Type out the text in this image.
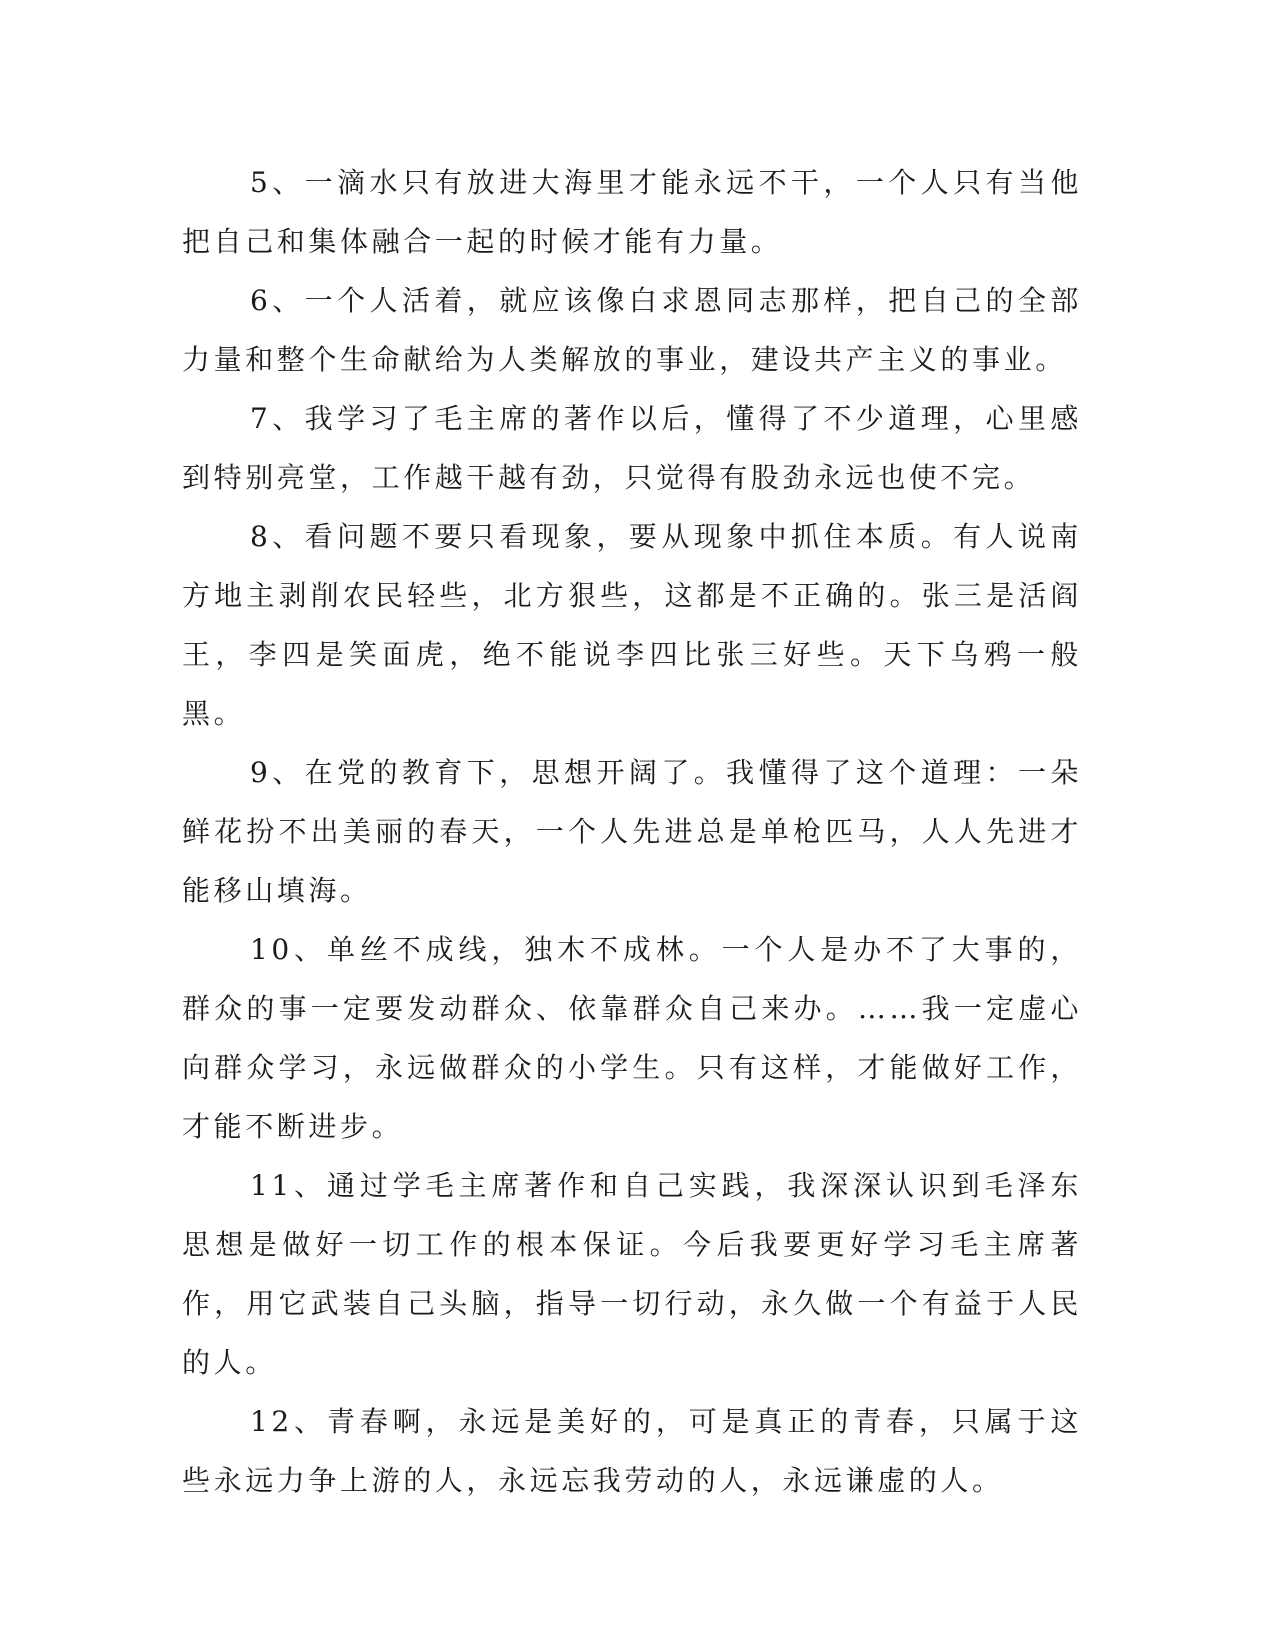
5、一滴水只有放进大海里才能永远不干，一个人只有当他把自己和集体融合一起的时候才能有力量。

6、一个人活着，就应该像白求恩同志那样，把自己的全部力量和整个生命献给为人类解放的事业，建设共产主义的事业。

7、我学习了毛主席的著作以后，懂得了不少道理，心里感到特别亮堂，工作越干越有劲，只觉得有股劲永远也使不完。

8、看问题不要只看现象，要从现象中抓住本质。有人说南方地主剥削农民轻些，北方狠些，这都是不正确的。张三是活阎王，李四是笑面虎，绝不能说李四比张三好些。天下乌鸦一般黑。

9、在党的教育下，思想开阔了。我懂得了这个道理：一朵鲜花扮不出美丽的春天，一个人先进总是单枪匹马，人人先进才能移山填海。

10、单丝不成线，独木不成林。一个人是办不了大事的，群众的事一定要发动群众、依靠群众自己来办。……我一定虚心向群众学习，永远做群众的小学生。只有这样，才能做好工作，才能不断进步。

11、通过学毛主席著作和自己实践，我深深认识到毛泽东思想是做好一切工作的根本保证。今后我要更好学习毛主席著作，用它武装自己头脑，指导一切行动，永久做一个有益于人民的人。

12、青春啊，永远是美好的，可是真正的青春，只属于这些永远力争上游的人，永远忘我劳动的人，永远谦虚的人。
